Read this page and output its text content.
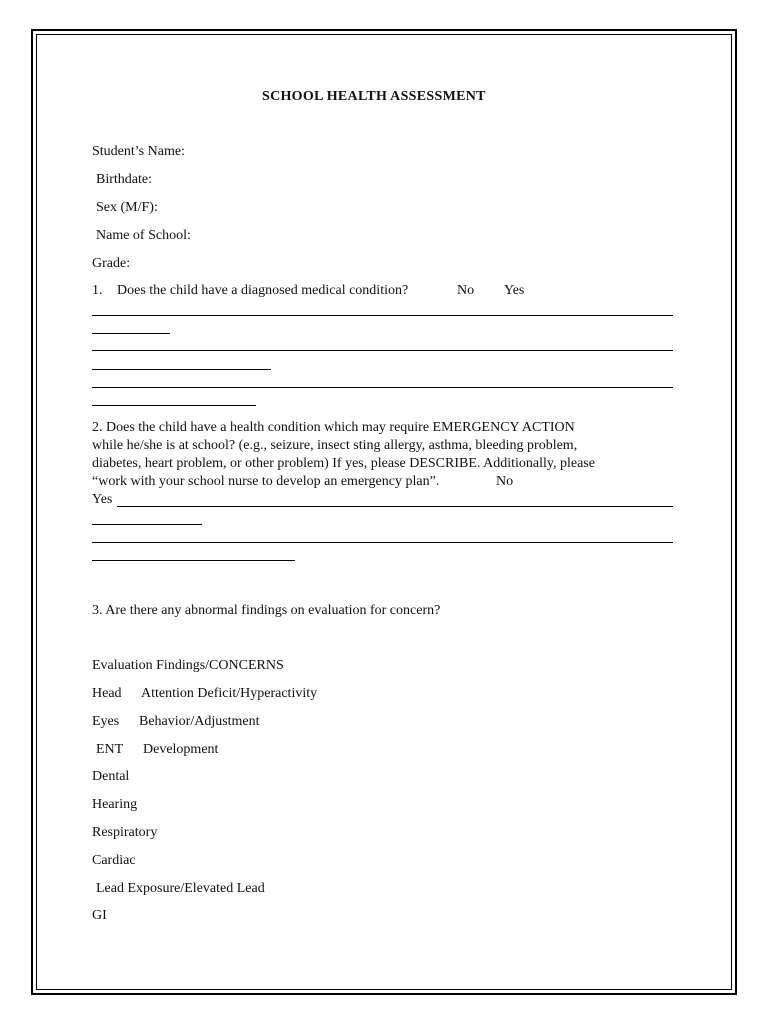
SCHOOL HEALTH ASSESSMENT
Student’s Name:
Birthdate:
Sex (M/F):
Name of School:
Grade:
1. Does the child have a diagnosed medical condition?	No Yes
2. Does the child have a health condition which may require EMERGENCY ACTION
while he/she is at school? (e.g., seizure, insect sting allergy, asthma, bleeding problem,
diabetes, heart problem, or other problem) If yes, please DESCRIBE. Additionally, please
“work with your school nurse to develop an emergency plan”.	No
Yes
3. Are there any abnormal findings on evaluation for concern?
Evaluation Findings/CONCERNS
Head Attention Deficit/Hyperactivity
Eyes Behavior/Adjustment
ENT Development
Dental
Hearing
Respiratory
Cardiac
Lead Exposure/Elevated Lead
GI
